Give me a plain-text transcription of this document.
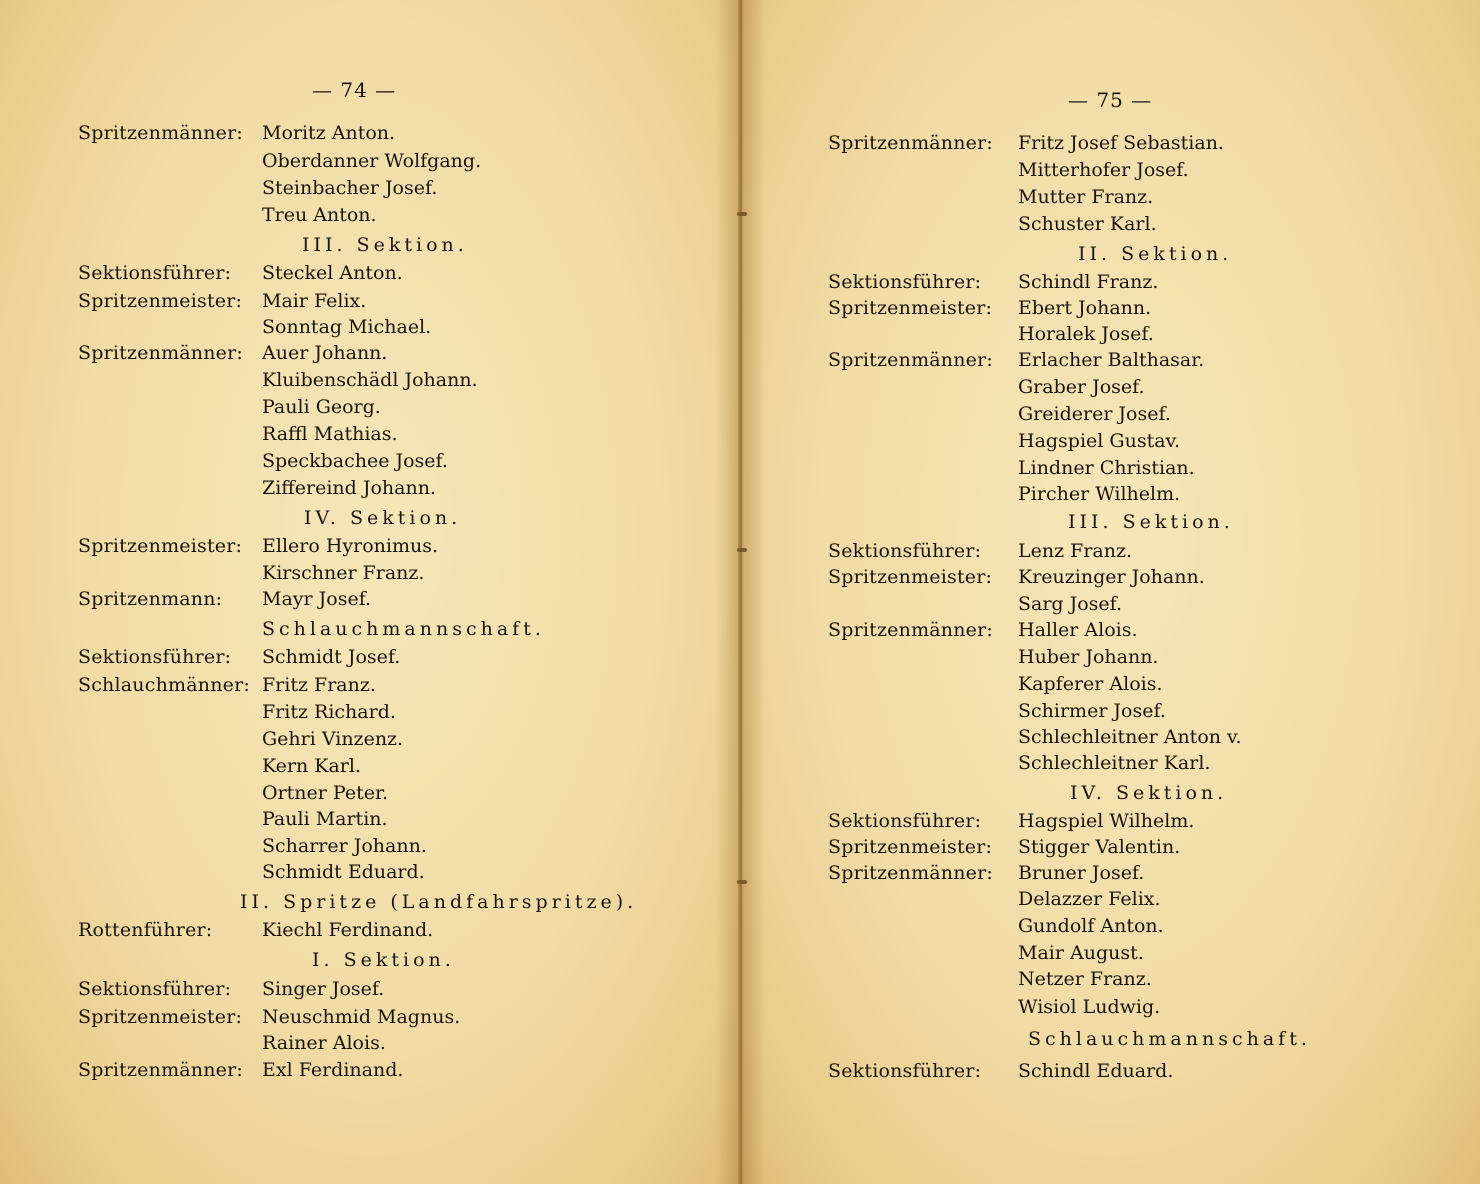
— 74 —
Spritzenmänner: Moritz Anton.
Oberdanner Wolfgang.
Steinbacher Josef.
Treu Anton.
III. Sektion.
Sektionsführer: Steckel Anton.
Spritzenmeister: Mair Felix.
Sonntag Michael.
Spritzenmänner: Auer Johann.
Kluibenschädl Johann.
Pauli Georg.
Raffl Mathias.
Speckbachee Josef.
Ziffereind Johann.
IV. Sektion.
Spritzenmeister: Ellero Hyronimus.
Kirschner Franz.
Spritzenmann: Mayr Josef.
Schlauchmannschaft.
Sektionsführer: Schmidt Josef.
Schlauchmänner: Fritz Franz.
Fritz Richard.
Gehri Vinzenz.
Kern Karl.
Ortner Peter.
Pauli Martin.
Scharrer Johann.
Schmidt Eduard.
II. Spritze (Landfahrspritze).
Rottenführer:	Kiechl Ferdinand.
I. Sektion.
Sektionsführer: Singer Josef.
Spritzenmeister: Neuschmid Magnus.
Rainer Alois.
Spritzenmänner: Exl Ferdinand.
— 75 —
Spritzenmänner: Fritz Josef Sebastian.
Mitterhofer Josef.
Mutter Franz.
Schuster Karl.
II. Sektion.
Sektionsführer: Schindl Franz.
Spritzenmeister: Ebert Johann.
Horalek Josef.
Spritzenmänner: Erlacher Balthasar.
Graber Josef.
Greiderer Josef.
Hagspiel Gustav.
Lindner Christian.
Pircher Wilhelm.
III. Sektion.
Sektionsführer: Lenz Franz.
Spritzenmeister: Kreuzinger Johann.
Sarg Josef.
Spritzenmänner: Haller Alois.
Huber Johann.
Kapferer Alois.
Schirmer Josef.
Schlechleitner Anton v.
Schlechleitner Karl.
IV. Sektion.
Sektionsführer: Hagspiel Wilhelm.
Spritzenmeister: Stigger Valentin.
Spritzenmänner: Bruner Josef.
Delazzer Felix.
Gundolf Anton.
Mair August.
Netzer Franz.
Wisiol Ludwig.
Schlauchmannschaft.
Sektionsführer: Schindl Eduard.
